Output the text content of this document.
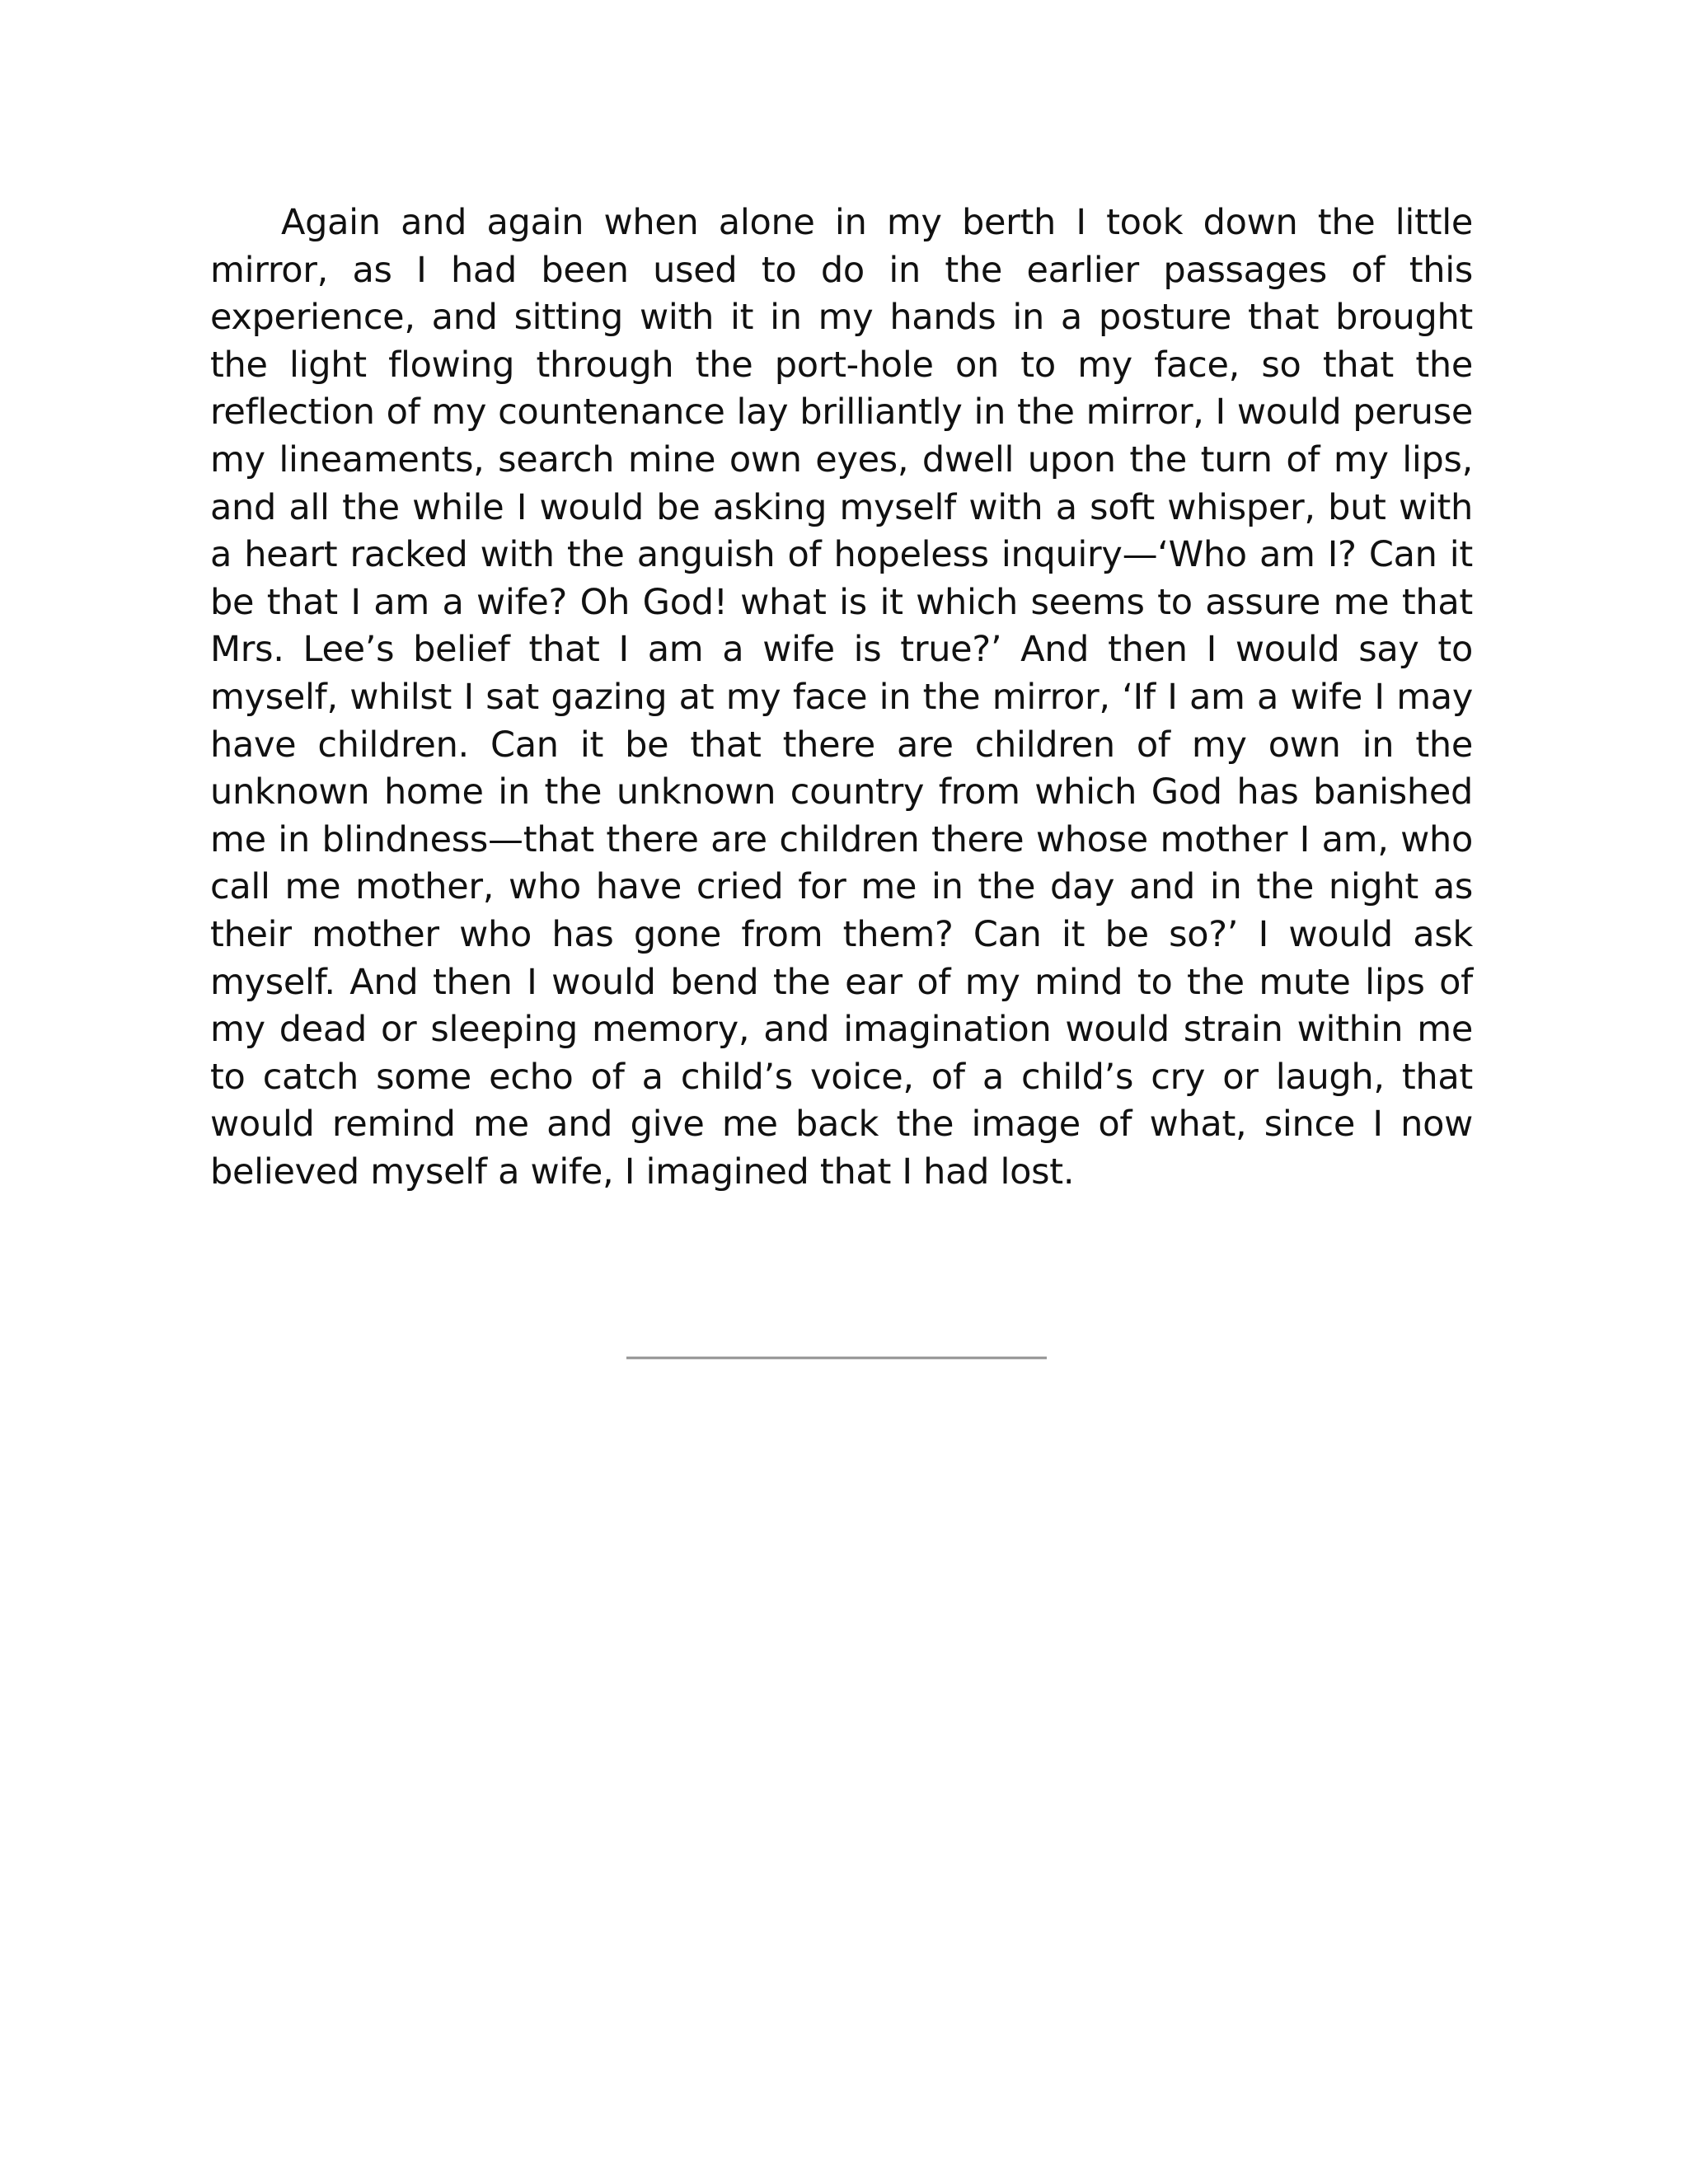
Again and again when alone in my berth I took down the little mirror, as I had been used to do in the earlier passages of this experience, and sitting with it in my hands in a posture that brought the light flowing through the port-hole on to my face, so that the reflection of my countenance lay brilliantly in the mirror, I would peruse my lineaments, search mine own eyes, dwell upon the turn of my lips, and all the while I would be asking myself with a soft whisper, but with a heart racked with the anguish of hopeless inquiry—‘Who am I? Can it be that I am a wife? Oh God! what is it which seems to assure me that Mrs. Lee’s belief that I am a wife is true?’ And then I would say to myself, whilst I sat gazing at my face in the mirror, ‘If I am a wife I may have children. Can it be that there are children of my own in the unknown home in the unknown country from which God has banished me in blindness—that there are children there whose mother I am, who call me mother, who have cried for me in the day and in the night as their mother who has gone from them? Can it be so?’ I would ask myself. And then I would bend the ear of my mind to the mute lips of my dead or sleeping memory, and imagination would strain within me to catch some echo of a child’s voice, of a child’s cry or laugh, that would remind me and give me back the image of what, since I now believed myself a wife, I imagined that I had lost.
